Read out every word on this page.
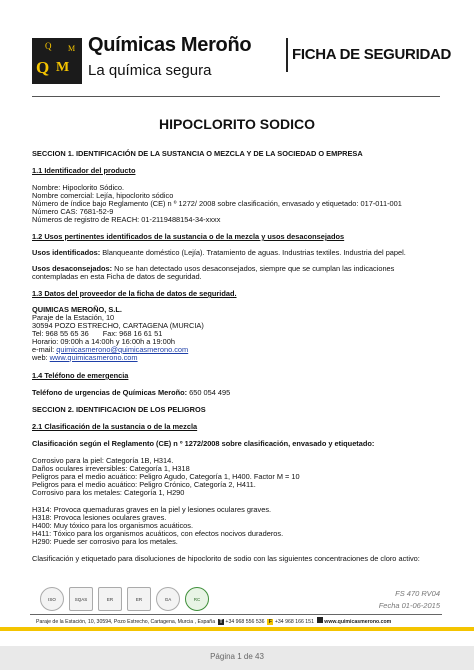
Q M
Q M
Químicas Meroño
La química segura
FICHA DE SEGURIDAD
HIPOCLORITO SODICO
SECCION 1. IDENTIFICACIÓN DE LA SUSTANCIA O MEZCLA Y DE LA SOCIEDAD O EMPRESA
1.1 Identificador del producto
Nombre: Hipoclorito Sódico.
Nombre comercial: Lejía, hipoclorito sódico
Número de índice bajo Reglamento (CE) n º 1272/ 2008 sobre clasificación, envasado y etiquetado: 017-011-001
Número CAS: 7681-52-9
Números de registro de REACH: 01-2119488154-34-xxxx
1.2 Usos pertinentes identificados de la sustancia o de la mezcla y usos desaconsejados
Usos identificados: Blanqueante doméstico (Lejía). Tratamiento de aguas. Industrias textiles. Industria del papel.
Usos desaconsejados: No se han detectado usos desaconsejados, siempre que se cumplan las indicaciones
contempladas en esta Ficha de datos de seguridad.
1.3 Datos del proveedor de la ficha de datos de seguridad.
QUIMICAS MEROÑO, S.L.
Paraje de la Estación, 10
30594 POZO ESTRECHO, CARTAGENA (MURCIA)
Tel: 968 55 65 36 Fax: 968 16 61 51
Horario: 09:00h a 14:00h y 16:00h a 19:00h
e-mail: quimicasmerono@quimicasmerono.com
web: www.quimicasmerono.com
1.4 Teléfono de emergencia
Teléfono de urgencias de Químicas Meroño: 650 054 495
SECCION 2. IDENTIFICACION DE LOS PELIGROS
2.1 Clasificación de la sustancia o de la mezcla
Clasificación según el Reglamento (CE) n º 1272/2008 sobre clasificación, envasado y etiquetado:
Corrosivo para la piel: Categoría 1B, H314.
Daños oculares irreversibles: Categoría 1, H318
Peligros para el medio acuático: Peligro Agudo, Categoría 1, H400. Factor M = 10
Peligros para el medio acuático: Peligro Crónico, Categoría 2, H411.
Corrosivo para los metales: Categoría 1, H290
H314: Provoca quemaduras graves en la piel y lesiones oculares graves.
H318: Provoca lesiones oculares graves.
H400: Muy tóxico para los organismos acuáticos.
H411: Tóxico para los organismos acuáticos, con efectos nocivos duraderos.
H290: Puede ser corrosivo para los metales.
Clasificación y etiquetado para disoluciones de hipoclorito de sodio con las siguientes concentraciones de cloro activo:
FS 470 RV04
Fecha 01-06-2015
ISO	SQAS	ER	ER	GA	RC
Paraje de la Estación, 10, 30594, Pozo Estrecho, Cartagena, Murcia , España T +34 968 556 536 F +34 968 166 151 www.quimicasmerono.com
Página 1 de 43
